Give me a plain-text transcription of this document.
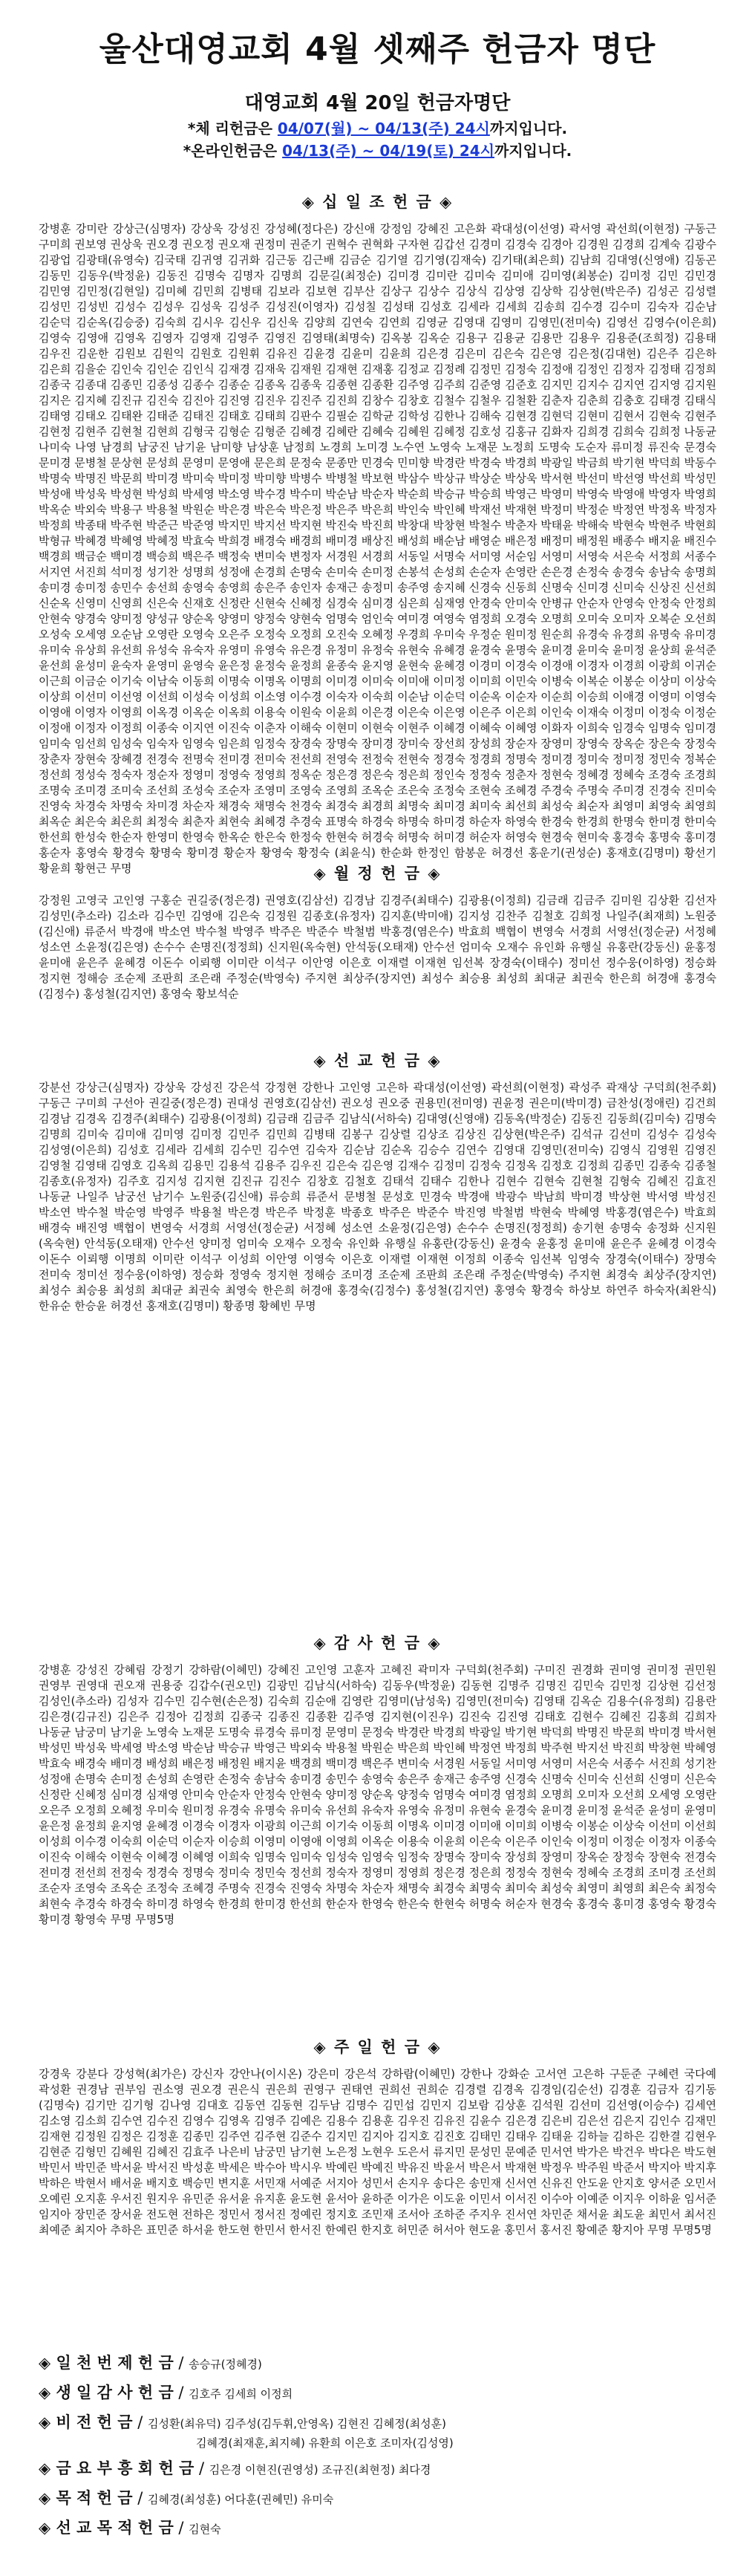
울산대영교회 4월 셋째주 헌금자 명단
대영교회 4월 20일 헌금자명단
*체 리헌금은 04/07(월) ~ 04/13(주) 24시까지입니다.
*온라인헌금은 04/13(주) ~ 04/19(토) 24시까지입니다.
◈ 십 일 조 헌 금 ◈
강병훈 강미란 강상근(심명자) 강상욱 강성진 강성혜(정다은) 강신애 강정임 강혜진 고은화 곽대성(이선영) 곽서영 곽선희(이현정) 구동근 구미희 권보영 권상욱 권오경 권오정 권오재 권정미 권준기 권혁수 권혁화 구자현 김갑선 김경미 김경숙 김경아 김경원 김경희 김계숙 김광수 김광업 김광태(유영숙) 김국태 김귀영 김귀화 김근동 김근배 김금순 김기열 김기영(김재숙) 김기태(최은희) 김남희 김대영(신영애) 김동곤 김동민 김동우(박정윤) 김동진 김명숙 김명자 김명희 김문길(최정순) 김미경 김미란 김미숙 김미애 김미영(최봉순) 김미정 김민 김민경 김민영 김민정(김현일) 김미혜 김민희 김병태 김보라 김보현 김부산 김상구 김상수 김상식 김상영 김상학 김상현(박은주) 김성곤 김성렬 김성민 김성빈 김성수 김성우 김성욱 김성주 김성진(이영자) 김성칠 김성태 김성호 김세라 김세희 김송희 김수경 김수미 김숙자 김순남 김순덕 김순옥(김승중) 김숙희 김시우 김신우 김신욱 김양희 김연숙 김연희 김영균 김영대 김영미 김영민(전미숙) 김영선 김영수(이은희) 김영숙 김영애 김영옥 김영자 김영재 김영주 김영진 김영태(최명숙) 김옥봉 김옥순 김용구 김용균 김용만 김용우 김용준(조희정) 김용태 김우진 김운한 김원보 김원익 김원호 김원휘 김유진 김윤경 김윤미 김윤희 김은경 김은미 김은숙 김은영 김은정(김대현) 김은주 김은하 김은희 김을순 김인숙 김인순 김인식 김재경 김재욱 김재원 김재현 김재홍 김정교 김정례 김정민 김정숙 김정애 김정인 김정자 김정태 김정희 김종국 김종대 김종민 김종성 김종수 김종순 김종옥 김종욱 김종현 김종환 김주영 김주희 김준영 김준호 김지민 김지수 김지연 김지영 김지원 김지은 김지혜 김진규 김진숙 김진아 김진영 김진우 김진주 김진희 김창수 김창호 김철수 김철우 김철환 김춘자 김춘희 김충호 김태경 김태식 김태영 김태오 김태완 김태준 김태진 김태호 김태희 김판수 김필순 김학균 김학성 김한나 김해숙 김현경 김현덕 김현미 김현서 김현숙 김현주 김현정 김현주 김현철 김현희 김형국 김형순 김형준 김혜경 김혜란 김혜숙 김혜원 김혜정 김호성 김홍규 김화자 김희경 김희숙 김희정 나동균 나미숙 나영 남경희 남궁진 남기윤 남미향 남상훈 남정희 노경희 노미경 노수연 노영숙 노재문 노정희 도명숙 도순자 류미정 류진숙 문경숙 문미경 문병철 문상현 문성희 문영미 문영애 문은희 문정숙 문종만 민경숙 민미향 박경란 박경숙 박경희 박광일 박금희 박기현 박덕희 박동수 박명숙 박명진 박문희 박미경 박미숙 박미정 박미향 박병수 박병철 박보현 박삼수 박상규 박상순 박상욱 박서현 박선미 박선영 박선희 박성민 박성애 박성욱 박성현 박성희 박세영 박소영 박수경 박수미 박순남 박순자 박순희 박승규 박승희 박영근 박영미 박영숙 박영애 박영자 박영희 박옥순 박외숙 박용구 박용철 박원순 박은경 박은숙 박은정 박은주 박은희 박인숙 박인혜 박재선 박재현 박정미 박정순 박정연 박정옥 박정자 박정희 박종태 박주현 박준근 박준영 박지민 박지선 박지현 박진숙 박진희 박창대 박창현 박철수 박춘자 박태윤 박해숙 박현숙 박현주 박현희 박형규 박혜경 박혜영 박혜정 박효숙 박희경 배경숙 배경희 배미경 배상진 배성희 배순남 배영순 배은정 배정미 배정원 배종수 배지윤 배진수 백경희 백금순 백미경 백승희 백은주 백정숙 변미숙 변정자 서경원 서경희 서동일 서명숙 서미영 서순임 서영미 서영숙 서은숙 서정희 서종수 서지연 서진희 석미정 성기찬 성명희 성정애 손경희 손명숙 손미숙 손미정 손봉석 손성희 손순자 손영란 손은경 손정숙 송경숙 송남숙 송명희 송미경 송미정 송민수 송선희 송영숙 송영희 송은주 송인자 송재근 송정미 송주영 송지혜 신경숙 신동희 신명숙 신미경 신미숙 신상진 신선희 신순옥 신영미 신영희 신은숙 신재호 신정란 신현숙 신혜정 심경숙 심미경 심은희 심재영 안경숙 안미숙 안병규 안순자 안영숙 안정숙 안정희 안현숙 양경숙 양미정 양성규 양순옥 양영미 양정숙 양현숙 엄명숙 엄인숙 여미경 여영숙 염정희 오경숙 오명희 오미숙 오미자 오복순 오선희 오성숙 오세영 오순남 오영란 오영숙 오은주 오정숙 오정희 오진숙 오혜정 우경희 우미숙 우정순 원미정 원순희 유경숙 유경희 유명숙 유미경 유미숙 유상희 유선희 유성숙 유숙자 유영미 유영숙 유은경 유정미 유정숙 유현숙 유혜경 윤경숙 윤명숙 윤미경 윤미숙 윤미정 윤상희 윤석준 윤선희 윤성미 윤숙자 윤영미 윤영숙 윤은정 윤정숙 윤정희 윤종숙 윤지영 윤현숙 윤혜경 이경미 이경숙 이경애 이경자 이경희 이광희 이귀순 이근희 이금순 이기숙 이남숙 이동희 이명숙 이명옥 이명희 이미경 이미숙 이미애 이미정 이미희 이민숙 이병숙 이복순 이봉순 이상미 이상숙 이상희 이선미 이선영 이선희 이성숙 이성희 이소영 이수경 이숙자 이숙희 이순남 이순덕 이순옥 이순자 이순희 이승희 이애경 이영미 이영숙 이영애 이영자 이영희 이옥경 이옥순 이옥희 이용숙 이원숙 이윤희 이은경 이은숙 이은영 이은주 이은희 이인숙 이재숙 이정미 이정숙 이정순 이정애 이정자 이정희 이종숙 이지연 이진숙 이춘자 이해숙 이현미 이현숙 이현주 이혜경 이혜숙 이혜영 이화자 이희숙 임경숙 임명숙 임미경 임미숙 임선희 임성숙 임숙자 임영숙 임은희 임정숙 장경숙 장명숙 장미경 장미숙 장선희 장성희 장순자 장영미 장영숙 장옥순 장은숙 장정숙 장춘자 장현숙 장혜경 전경숙 전명숙 전미경 전미숙 전선희 전영숙 전정숙 전현숙 정경숙 정경희 정명숙 정미경 정미숙 정미정 정민숙 정복순 정선희 정성숙 정숙자 정순자 정영미 정영숙 정영희 정옥순 정은경 정은숙 정은희 정인숙 정정숙 정춘자 정현숙 정혜경 정혜숙 조경숙 조경희 조명숙 조미경 조미숙 조선희 조성숙 조순자 조영미 조영숙 조영희 조옥순 조은숙 조정숙 조현숙 조혜경 주경숙 주명숙 주미경 진경숙 진미숙 진영숙 차경숙 차명숙 차미경 차순자 채경숙 채명숙 천경숙 최경숙 최경희 최명숙 최미경 최미숙 최선희 최성숙 최순자 최영미 최영숙 최영희 최옥순 최은숙 최은희 최정숙 최춘자 최현숙 최혜경 추경숙 표명숙 하경숙 하명숙 하미경 하순자 하영숙 한경숙 한경희 한명숙 한미경 한미숙 한선희 한성숙 한순자 한영미 한영숙 한옥순 한은숙 한정숙 한현숙 허경숙 허명숙 허미경 허순자 허영숙 현경숙 현미숙 홍경숙 홍명숙 홍미경 홍순자 홍영숙 황경숙 황명숙 황미경 황순자 황영숙 황정숙 (최윤식) 한순화 한정인 함봉운 허경선 홍운기(권성순) 홍재호(김명미) 황선기 황윤희 황현근 무명	◈ 월 정 헌 금 ◈
강정원 고영국 고인영 구홍순 권길중(정은경) 권영호(김삼선) 김경남 김경주(최태수) 김광용(이정희) 김금래 김금주 김미원 김상환 김선자 김성민(추소라) 김소라 김수민 김영애 김은숙 김정원 김종호(유정자) 김지훈(박미애) 김지성 김찬주 김철호 김희정 나일주(최재희) 노원중(김신애) 류준서 박경애 박소연 박수철 박영주 박주은 박준수 박철범 박홍경(염은수) 박효희 백협이 변영숙 서경희 서영선(정순균) 서정혜 성소연 소윤정(김은영) 손수수 손명진(정정희) 신지원(옥숙현) 안석동(오태재) 안수선 엄미숙 오재수 유인화 유행실 유홍란(강동신) 윤홍정 윤미애 윤은주 윤혜경 이돈수 이뢰행 이미란 이석구 이안영 이은호 이재렬 이재현 임선복 장경숙(이태수) 정미선 정수웅(이하영) 정승화 정지현 정해승 조순제 조판희 조은래 주정순(박영숙) 주지현 최상주(장지연) 최성수 최승용 최성희 최대균 최권숙 한은희 허경애 홍경숙(김정수) 홍성철(김지연) 홍영숙 황보석순
◈ 선 교 헌 금 ◈
강분선 강상근(심명자) 강상욱 강성진 강은석 강정현 강한나 고인영 고은하 곽대성(이선영) 곽선희(이현정) 곽성주 곽재상 구덕희(천주회) 구동근 구미희 구선아 권길중(정은경) 권대성 권영호(김삼선) 권오성 권오중 권용민(전미영) 권윤정 권은미(박미경) 금찬성(정애린) 김건희 김경남 김경옥 김경주(최태수) 김광용(이정희) 김금래 김금주 김남식(서하숙) 김대영(신영애) 김동옥(박정순) 김동진 김동희(김미숙) 김명숙 김명희 김미숙 김미애 김미영 김미정 김민주 김민희 김병태 김봉구 김상렬 김상조 김상진 김상현(박은주) 김석규 김선미 김성수 김성숙 김성영(이은희) 김성호 김세라 김세희 김수민 김수연 김숙자 김순남 김순옥 김승수 김연수 김영대 김영민(전미숙) 김영식 김영원 김영진 김영철 김영태 김영호 김옥희 김용민 김용석 김용주 김우진 김은숙 김은영 김재수 김정미 김정숙 김정옥 김정호 김정희 김종민 김종숙 김종철 김종호(유정자) 김주호 김지성 김지현 김진규 김진수 김창호 김철호 김태석 김태수 김한나 김현수 김현숙 김현철 김형숙 김혜진 김효진 나동균 나일주 남궁선 남기수 노원중(김신애) 류승희 류준서 문병철 문성호 민경숙 박경애 박광수 박남희 박미경 박상현 박서영 박성진 박소연 박수철 박순영 박영주 박용철 박은경 박은주 박정훈 박종호 박주은 박준수 박진영 박철범 박현숙 박혜영 박홍경(염은수) 박효희 배경숙 배진영 백협이 변영숙 서경희 서영선(정순균) 서정혜 성소연 소윤정(김은영) 손수수 손명진(정정희) 송기현 송명숙 송정화 신지원(옥숙현) 안석동(오태재) 안수선 양미정 엄미숙 오재수 오정숙 유인화 유행실 유홍란(강동신) 윤경숙 윤홍정 윤미애 윤은주 윤혜경 이경숙 이돈수 이뢰행 이명희 이미란 이석구 이성희 이안영 이영숙 이은호 이재렬 이재현 이정희 이종숙 임선복 임영숙 장경숙(이태수) 장명숙 전미숙 정미선 정수웅(이하영) 정승화 정영숙 정지현 정해승 조미경 조순제 조판희 조은래 주정순(박영숙) 주지현 최경숙 최상주(장지연) 최성수 최승용 최성희 최대균 최권숙 최영숙 한은희 허경애 홍경숙(김정수) 홍성철(김지연) 홍영숙 황경숙 하상보 하연주 하숙자(최완식) 한유순 한승윤 허경선 홍재호(김명미) 황종명 황혜빈 무명
◈ 감 사 헌 금 ◈
강병훈 강성진 강혜림 강정기 강하람(이혜민) 강혜진 고인영 고훈자 고혜진 곽미자 구덕회(천주회) 구미진 권경화 권미영 권미정 권민원 권영부 권영대 권오재 권용중 김갑수(권오민) 김광민 김남식(서하숙) 김동우(박정윤) 김동현 김명주 김명진 김민숙 김민정 김상현 김선정 김성인(추소라) 김성자 김수민 김수현(손은정) 김숙희 김순애 김영란 김영미(남성욱) 김영민(전미숙) 김영태 김옥순 김용수(유정희) 김용란 김은경(김규진) 김은주 김정아 김정희 김종국 김종진 김종환 김주영 김지현(이진우) 김진숙 김진영 김태호 김현수 김혜진 김홍희 김희자 나동균 남궁미 남기윤 노영숙 노재문 도명숙 류경숙 류미정 문영미 문정숙 박경란 박경희 박광일 박기현 박덕희 박명진 박문희 박미경 박서현 박성민 박성욱 박세영 박소영 박순남 박승규 박영근 박외숙 박용철 박원순 박은희 박인혜 박정연 박정희 박주현 박지선 박진희 박창현 박혜영 박효숙 배경숙 배미경 배성희 배은정 배정원 배지윤 백경희 백미경 백은주 변미숙 서경원 서동일 서미영 서영미 서은숙 서종수 서진희 성기찬 성정애 손명숙 손미정 손성희 손영란 손정숙 송남숙 송미경 송민수 송영숙 송은주 송재근 송주영 신경숙 신명숙 신미숙 신선희 신영미 신은숙 신정란 신혜정 심미경 심재영 안미숙 안순자 안정숙 안현숙 양미정 양순옥 양정숙 엄명숙 여미경 염정희 오명희 오미자 오선희 오세영 오영란 오은주 오정희 오혜정 우미숙 원미정 유경숙 유명숙 유미숙 유선희 유숙자 유영숙 유정미 유현숙 윤경숙 윤미경 윤미정 윤석준 윤성미 윤영미 윤은정 윤정희 윤지영 윤혜경 이경숙 이경자 이광희 이근희 이기숙 이동희 이명옥 이미경 이미애 이미희 이병숙 이봉순 이상숙 이선미 이선희 이성희 이수경 이숙희 이순덕 이순자 이승희 이영미 이영애 이영희 이옥순 이용숙 이윤희 이은숙 이은주 이인숙 이정미 이정순 이정자 이종숙 이진숙 이해숙 이현숙 이혜경 이혜영 이희숙 임명숙 임미숙 임성숙 임영숙 임정숙 장명숙 장미숙 장성희 장영미 장옥순 장정숙 장현숙 전경숙 전미경 전선희 전정숙 정경숙 정명숙 정미숙 정민숙 정선희 정숙자 정영미 정영희 정은경 정은희 정정숙 정현숙 정혜숙 조경희 조미경 조선희 조순자 조영숙 조옥순 조정숙 조혜경 주명숙 진경숙 진영숙 차명숙 차순자 채명숙 최경숙 최명숙 최미숙 최성숙 최영미 최영희 최은숙 최정숙 최현숙 추경숙 하경숙 하미경 하영숙 한경희 한미경 한선희 한순자 한영숙 한은숙 한현숙 허명숙 허순자 현경숙 홍경숙 홍미경 홍영숙 황경숙 황미경 황영숙 무명 무명5명
◈ 주 일 헌 금 ◈
강경욱 강분다 강성혁(최가은) 강신자 강안나(이시온) 강은미 강은석 강하람(이혜민) 강한나 강화순 고서연 고은하 구둔준 구혜련 국다예 곽성환 권경남 권부임 권소영 권오경 권은식 권은희 권영구 권태연 권희선 권희순 김경렬 김경옥 김경임(김순선) 김경훈 김금자 김기동(김명숙) 김기만 김기형 김나영 김대호 김동연 김동현 김두남 김명수 김민섭 김민지 김보람 김상훈 김석원 김선미 김선영(이승수) 김세연 김소영 김소희 김수연 김수진 김영수 김영옥 김영주 김예은 김용수 김용훈 김우진 김유진 김윤수 김은경 김은비 김은선 김은지 김인수 김재민 김재현 김정원 김정은 김정훈 김종민 김주연 김주현 김준수 김지민 김지아 김지호 김진호 김태민 김태우 김태윤 김하늘 김하은 김한결 김현우 김현준 김형민 김혜원 김혜진 김효주 나은비 남궁민 남기현 노은정 노현우 도은서 류지민 문성민 문예준 민서연 박가은 박건우 박다은 박도현 박민서 박민준 박서윤 박서진 박성훈 박세은 박수아 박시우 박예린 박예진 박유진 박윤서 박은서 박재현 박정우 박주원 박준서 박지아 박지후 박하은 박현서 배서윤 배지호 백승민 변지훈 서민재 서예준 서지아 성민서 손지우 송다은 송민재 신서연 신유진 안도윤 안지호 양서준 오민서 오예린 오지훈 우서진 원지우 유민준 유서윤 유지훈 윤도현 윤서아 윤하준 이가은 이도윤 이민서 이서진 이수아 이예준 이지우 이하윤 임서준 임지아 장민준 장서윤 전도현 전하은 정민서 정서진 정예린 정지호 조민재 조서아 조하준 주지우 진서연 차민준 채서윤 최도윤 최민서 최서진 최예준 최지아 추하은 표민준 하서윤 한도현 한민서 한서진 한예린 한지호 허민준 허서아 현도윤 홍민서 홍서진 황예준 황지아 무명 무명5명
◈ 일 천 번 제 헌 금 / 송승규(정혜경)
◈ 생 일 감 사 헌 금 / 김호주 김세희 이정희
◈ 비 전 헌 금 / 김성환(최유덕) 김주성(김두휘,안영옥) 김현진 김혜정(최성훈)
김혜경(최재훈,최지혜) 유환희 이은호 조미자(김성영)
◈ 금 요 부 흥 회 헌 금 / 김은경 이현진(권영성) 조규진(최현정) 최다경
◈ 목 적 헌 금 / 김혜경(최성훈) 어다훈(권혜민) 유미숙
◈ 선 교 목 적 헌 금 / 김현숙
